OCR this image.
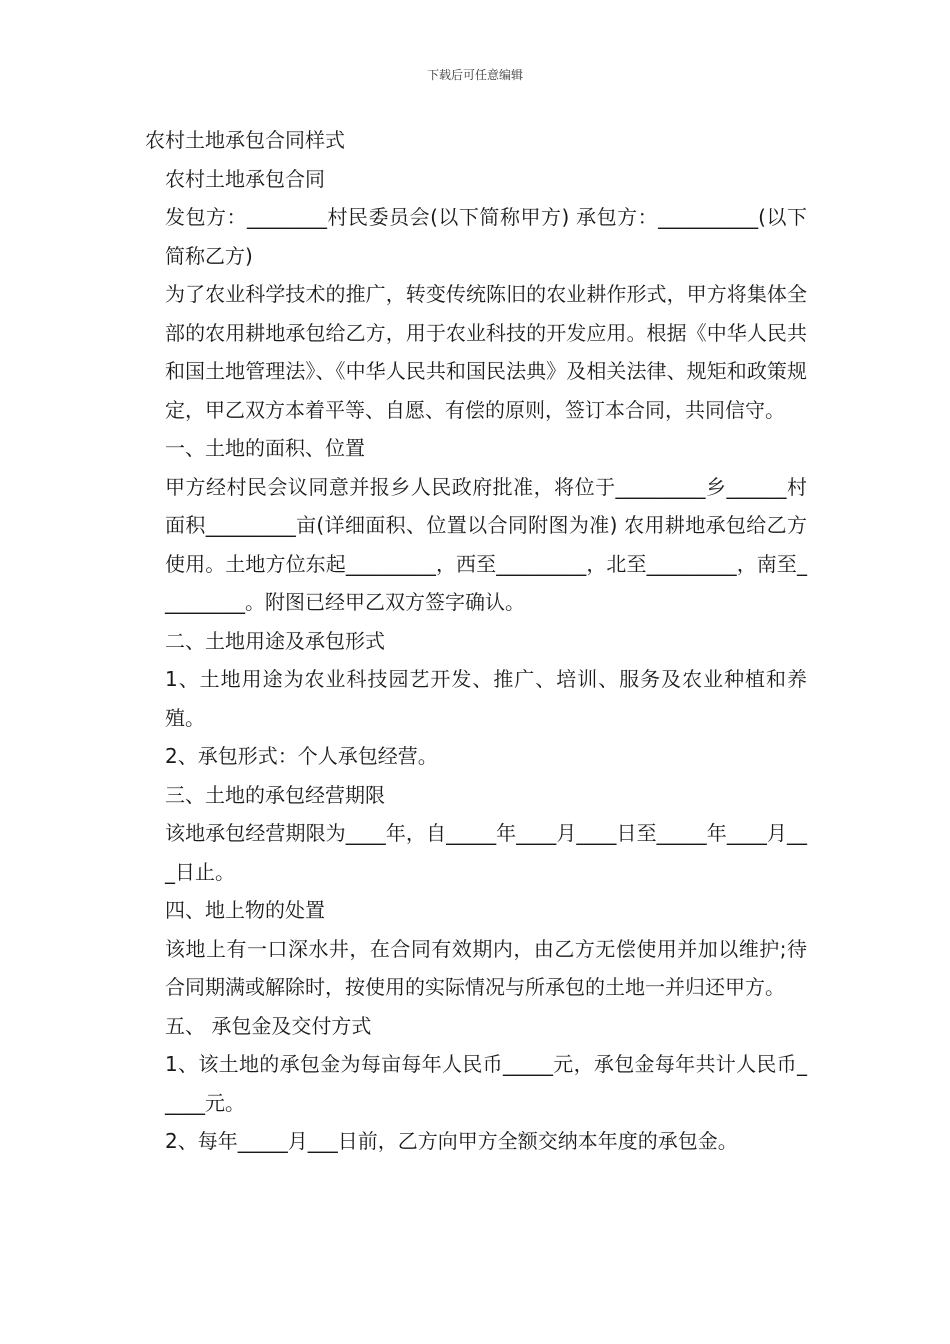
下载后可任意编辑

农村土地承包合同样式

农村土地承包合同

发包方：________村民委员会(以下简称甲方) 承包方：__________(以下简称乙方)

为了农业科学技术的推广，转变传统陈旧的农业耕作形式，甲方将集体全部的农用耕地承包给乙方，用于农业科技的开发应用。根据《中华人民共和国土地管理法》、《中华人民共和国民法典》及相关法律、规矩和政策规定，甲乙双方本着平等、自愿、有偿的原则，签订本合同，共同信守。

一、土地的面积、位置

甲方经村民会议同意并报乡人民政府批准，将位于_________乡______村面积_________亩(详细面积、位置以合同附图为准) 农用耕地承包给乙方使用。土地方位东起_________，西至_________，北至_________，南至_________。附图已经甲乙双方签字确认。

二、土地用途及承包形式

1、土地用途为农业科技园艺开发、推广、培训、服务及农业种植和养殖。

2、承包形式：个人承包经营。

三、土地的承包经营期限

该地承包经营期限为____年，自_____年____月____日至_____年____月___日止。

四、地上物的处置

该地上有一口深水井，在合同有效期内，由乙方无偿使用并加以维护;待合同期满或解除时，按使用的实际情况与所承包的土地一并归还甲方。

五、 承包金及交付方式

1、该土地的承包金为每亩每年人民币_____元，承包金每年共计人民币_____元。

2、每年_____月___日前，乙方向甲方全额交纳本年度的承包金。
